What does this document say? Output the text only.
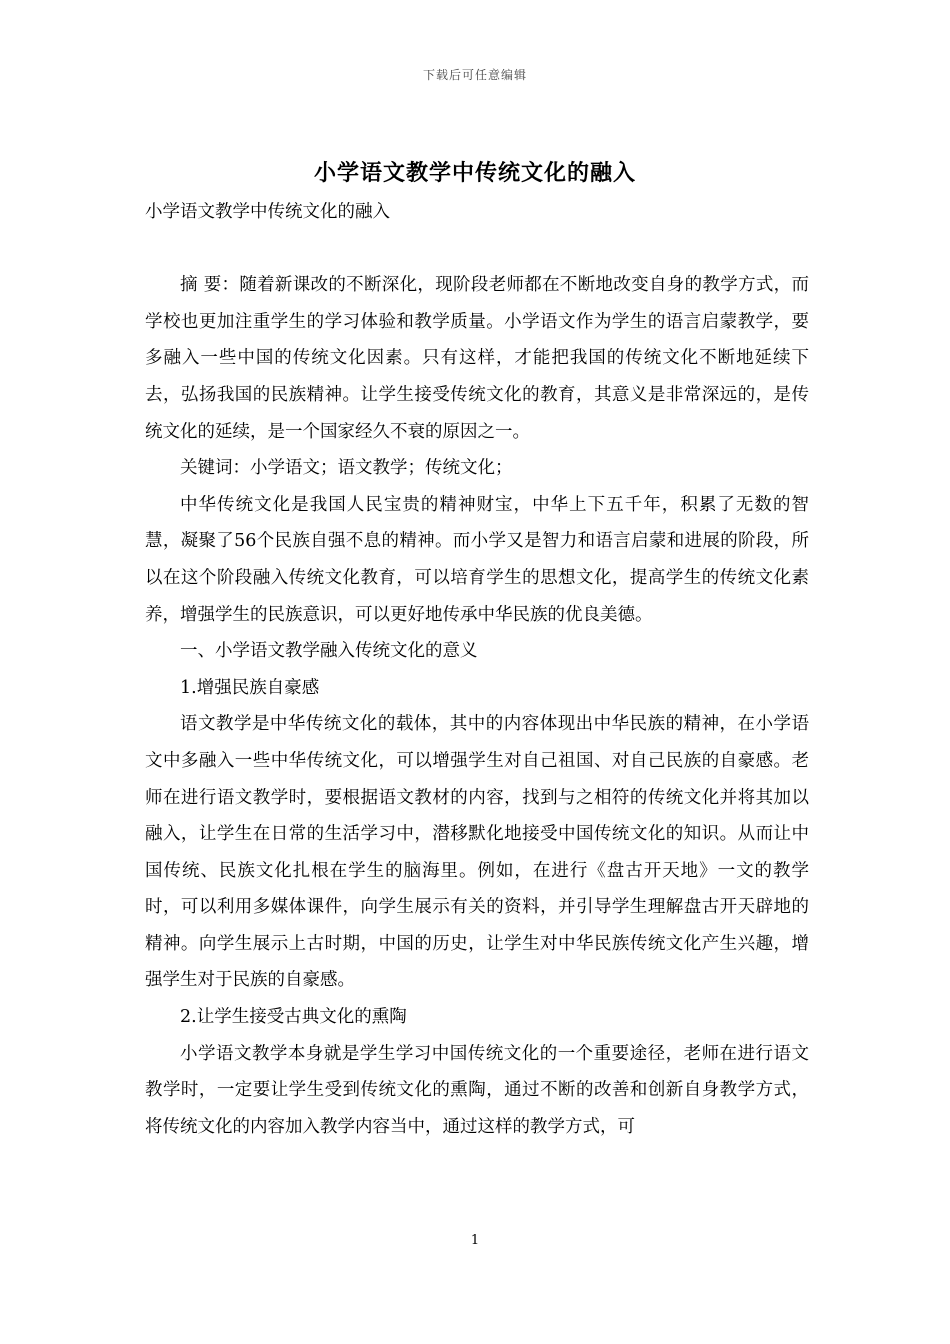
下载后可任意编辑
小学语文教学中传统文化的融入

小学语文教学中传统文化的融入

摘 要：随着新课改的不断深化，现阶段老师都在不断地改变自身的教学方式，而学校也更加注重学生的学习体验和教学质量。小学语文作为学生的语言启蒙教学，要多融入一些中国的传统文化因素。只有这样，才能把我国的传统文化不断地延续下去，弘扬我国的民族精神。让学生接受传统文化的教育，其意义是非常深远的，是传统文化的延续，是一个国家经久不衰的原因之一。

关键词：小学语文；语文教学；传统文化；

中华传统文化是我国人民宝贵的精神财宝，中华上下五千年，积累了无数的智慧，凝聚了56个民族自强不息的精神。而小学又是智力和语言启蒙和进展的阶段，所以在这个阶段融入传统文化教育，可以培育学生的思想文化，提高学生的传统文化素养，增强学生的民族意识，可以更好地传承中华民族的优良美德。

一、小学语文教学融入传统文化的意义

1.增强民族自豪感

语文教学是中华传统文化的载体，其中的内容体现出中华民族的精神，在小学语文中多融入一些中华传统文化，可以增强学生对自己祖国、对自己民族的自豪感。老师在进行语文教学时，要根据语文教材的内容，找到与之相符的传统文化并将其加以融入，让学生在日常的生活学习中，潜移默化地接受中国传统文化的知识。从而让中国传统、民族文化扎根在学生的脑海里。例如，在进行《盘古开天地》一文的教学时，可以利用多媒体课件，向学生展示有关的资料，并引导学生理解盘古开天辟地的精神。向学生展示上古时期，中国的历史，让学生对中华民族传统文化产生兴趣，增强学生对于民族的自豪感。

2.让学生接受古典文化的熏陶

小学语文教学本身就是学生学习中国传统文化的一个重要途径，老师在进行语文教学时，一定要让学生受到传统文化的熏陶，通过不断的改善和创新自身教学方式，将传统文化的内容加入教学内容当中，通过这样的教学方式，可

1
